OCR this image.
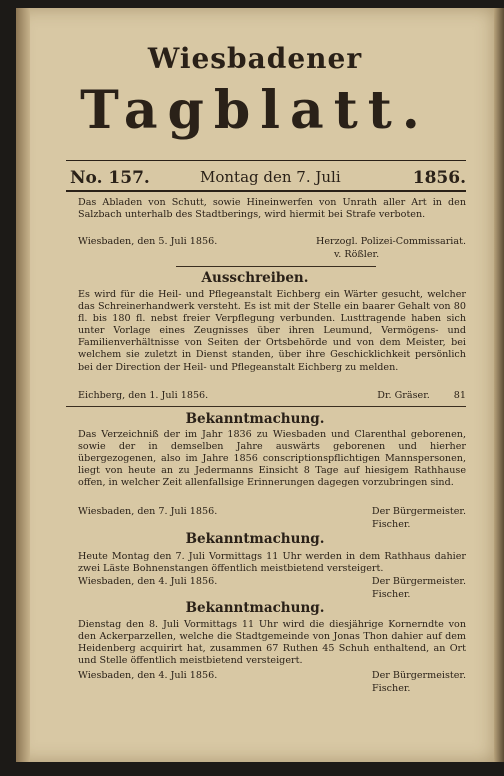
Wiesbadener
Tagblatt.
No. 157.	Montag den 7. Juli	1856.
Das Abladen von Schutt, sowie Hineinwerfen von Unrath aller Art in den Salzbach unterhalb des Stadtberings, wird hiermit bei Strafe verboten.
Wiesbaden, den 5. Juli 1856.	Herzogl. Polizei-Commissariat.
v. Rößler.
Ausschreiben.
Es wird für die Heil- und Pflegeanstalt Eichberg ein Wärter gesucht, welcher das Schreinerhandwerk versteht. Es ist mit der Stelle ein baarer Gehalt von 80 fl. bis 180 fl. nebst freier Verpflegung verbunden. Lusttragende haben sich unter Vorlage eines Zeugnisses über ihren Leumund, Vermögens- und Familienverhältnisse von Seiten der Ortsbehörde und von dem Meister, bei welchem sie zuletzt in Dienst standen, über ihre Geschicklichkeit persönlich bei der Direction der Heil- und Pflegeanstalt Eichberg zu melden.
Eichberg, den 1. Juli 1856.	Dr. Gräser.	81
Bekanntmachung.
Das Verzeichniß der im Jahr 1836 zu Wiesbaden und Clarenthal geborenen, sowie der in demselben Jahre auswärts geborenen und hierher übergezogenen, also im Jahre 1856 conscriptionspflichtigen Mannspersonen, liegt von heute an zu Jedermanns Einsicht 8 Tage auf hiesigem Rathhause offen, in welcher Zeit allenfallsige Erinnerungen dagegen vorzubringen sind.
Wiesbaden, den 7. Juli 1856.	Der Bürgermeister.
Fischer.
Bekanntmachung.
Heute Montag den 7. Juli Vormittags 11 Uhr werden in dem Rathhaus dahier zwei Läste Bohnenstangen öffentlich meistbietend versteigert.
Wiesbaden, den 4. Juli 1856.	Der Bürgermeister.
Fischer.
Bekanntmachung.
Dienstag den 8. Juli Vormittags 11 Uhr wird die diesjährige Kornerndte von den Ackerparzellen, welche die Stadtgemeinde von Jonas Thon dahier auf dem Heidenberg acquirirt hat, zusammen 67 Ruthen 45 Schuh enthaltend, an Ort und Stelle öffentlich meistbietend versteigert.
Wiesbaden, den 4. Juli 1856.	Der Bürgermeister.
Fischer.
